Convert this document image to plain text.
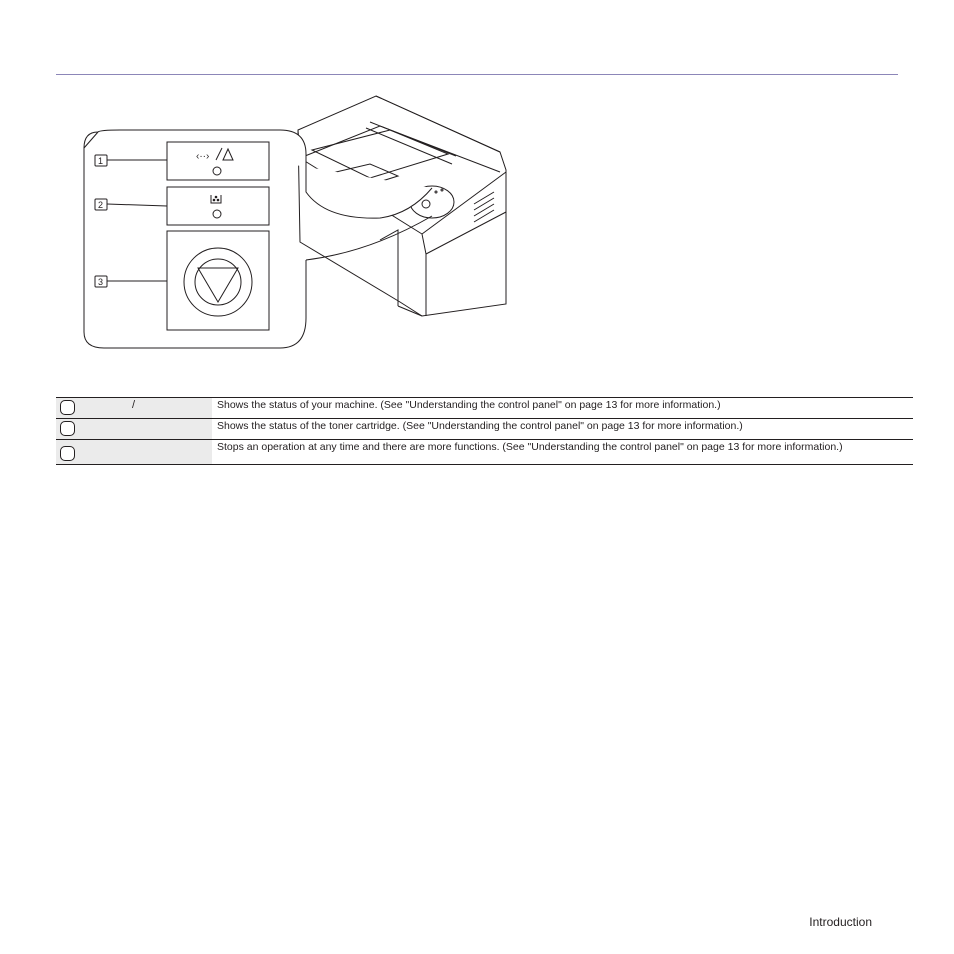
‹··›
1
2
3
/	Shows the status of your machine. (See "Understanding the control panel" on page 13 for more information.)
	Shows the status of the toner cartridge. (See "Understanding the control panel" on page 13 for more information.)
	Stops an operation at any time and there are more functions. (See "Understanding the control panel" on page 13 for more information.)
Introduction
